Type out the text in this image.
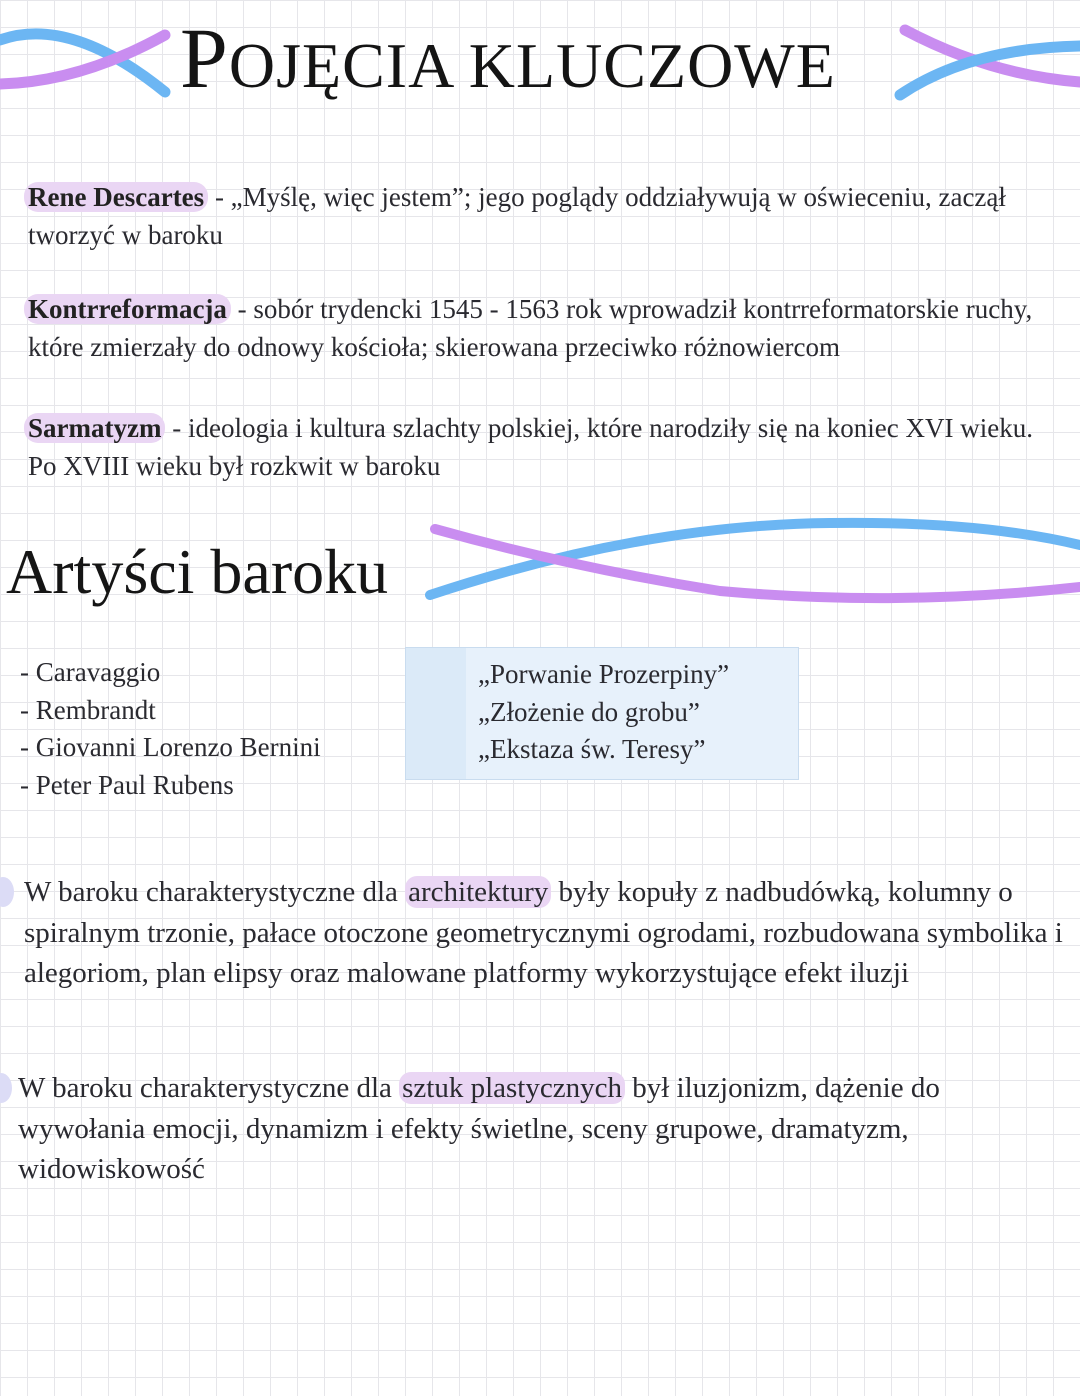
POJĘCIA KLUCZOWE

Rene Descartes - „Myślę, więc jestem”; jego poglądy oddziaływują w oświeceniu, zaczął tworzyć w baroku

Kontrreformacja - sobór trydencki 1545 - 1563 rok wprowadził kontrreformatorskie ruchy, które zmierzały do odnowy kościoła; skierowana przeciwko różnowiercom

Sarmatyzm - ideologia i kultura szlachty polskiej, które narodziły się na koniec XVI wieku. Po XVIII wieku był rozkwit w baroku

Artyści baroku
- Caravaggio
- Rembrandt
- Giovanni Lorenzo Bernini
- Peter Paul Rubens
„Porwanie Prozerpiny”
„Złożenie do grobu”
„Ekstaza św. Teresy”

W baroku charakterystyczne dla architektury były kopuły z nadbudówką, kolumny o spiralnym trzonie, pałace otoczone geometrycznymi ogrodami, rozbudowana symbolika i alegoriom, plan elipsy oraz malowane platformy wykorzystujące efekt iluzji

W baroku charakterystyczne dla sztuk plastycznych był iluzjonizm, dążenie do wywołania emocji, dynamizm i efekty świetlne, sceny grupowe, dramatyzm, widowiskowość
